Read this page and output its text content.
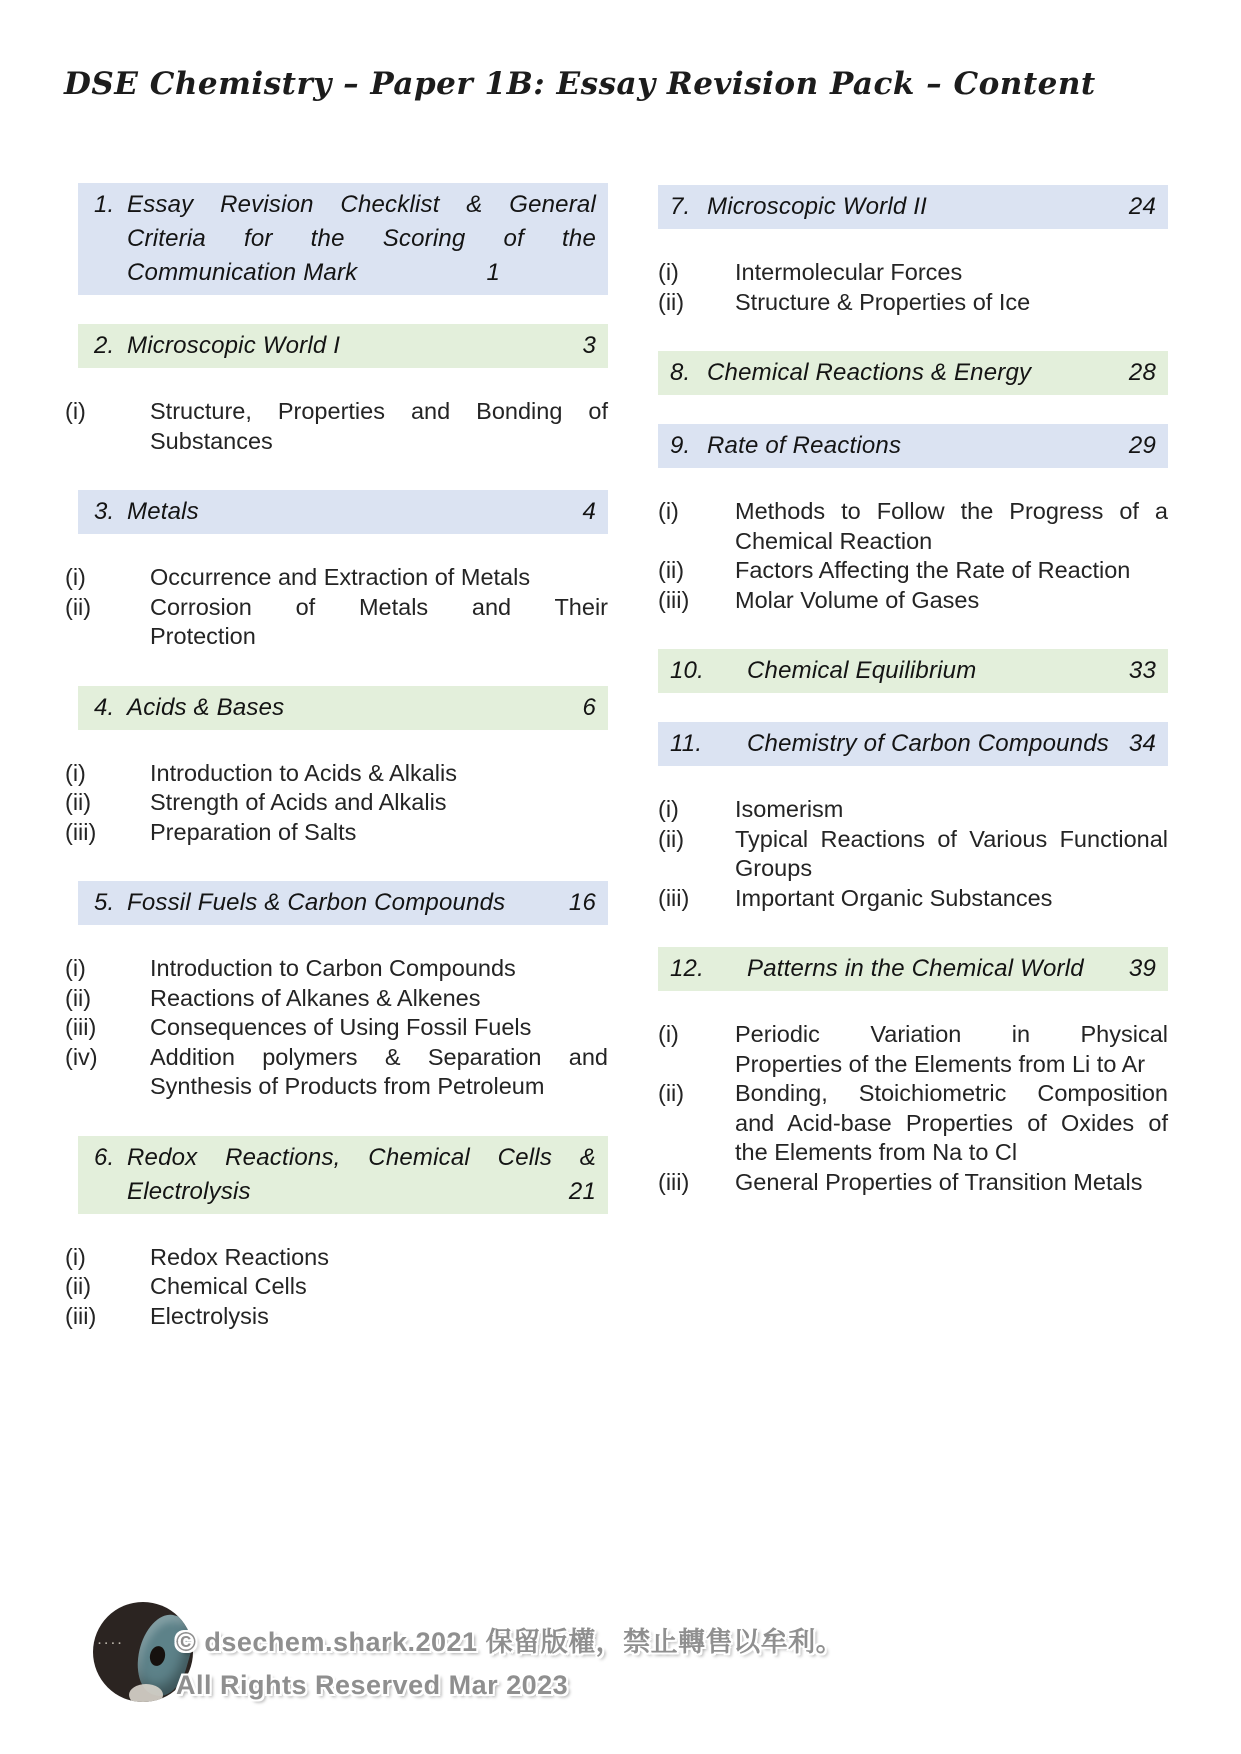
DSE Chemistry – Paper 1B: Essay Revision Pack – Content
1. Essay Revision Checklist & General
Criteria for the Scoring of the
Communication Mark	1
2. Microscopic World I	3
(i)	Structure, Properties and Bonding of
Substances
3. Metals	4
(i)	Occurrence and Extraction of Metals
(ii)	Corrosion of Metals and Their
Protection
4. Acids & Bases	6
(i)	Introduction to Acids & Alkalis
(ii)	Strength of Acids and Alkalis
(iii)	Preparation of Salts
5. Fossil Fuels & Carbon Compounds	16
(i)	Introduction to Carbon Compounds
(ii)	Reactions of Alkanes & Alkenes
(iii)	Consequences of Using Fossil Fuels
(iv)	Addition polymers & Separation and
Synthesis of Products from Petroleum
6. Redox Reactions, Chemical Cells &
Electrolysis	21
(i)	Redox Reactions
(ii)	Chemical Cells
(iii)	Electrolysis
7. Microscopic World II	24
(i)	Intermolecular Forces
(ii)	Structure & Properties of Ice
8. Chemical Reactions & Energy	28
9. Rate of Reactions	29
(i)	Methods to Follow the Progress of a
Chemical Reaction
(ii)	Factors Affecting the Rate of Reaction
(iii)	Molar Volume of Gases
10.	Chemical Equilibrium	33
11.	Chemistry of Carbon Compounds 34
(i)	Isomerism
(ii)	Typical Reactions of Various Functional
Groups
(iii)	Important Organic Substances
12.	Patterns in the Chemical World	39
(i)	Periodic Variation in Physical
Properties of the Elements from Li to Ar
(ii)	Bonding, Stoichiometric Composition
and Acid-base Properties of Oxides of
the Elements from Na to Cl
(iii)	General Properties of Transition Metals
···· © dsechem.shark.2021 保留版權，禁止轉售以牟利。
All Rights Reserved Mar 2023
